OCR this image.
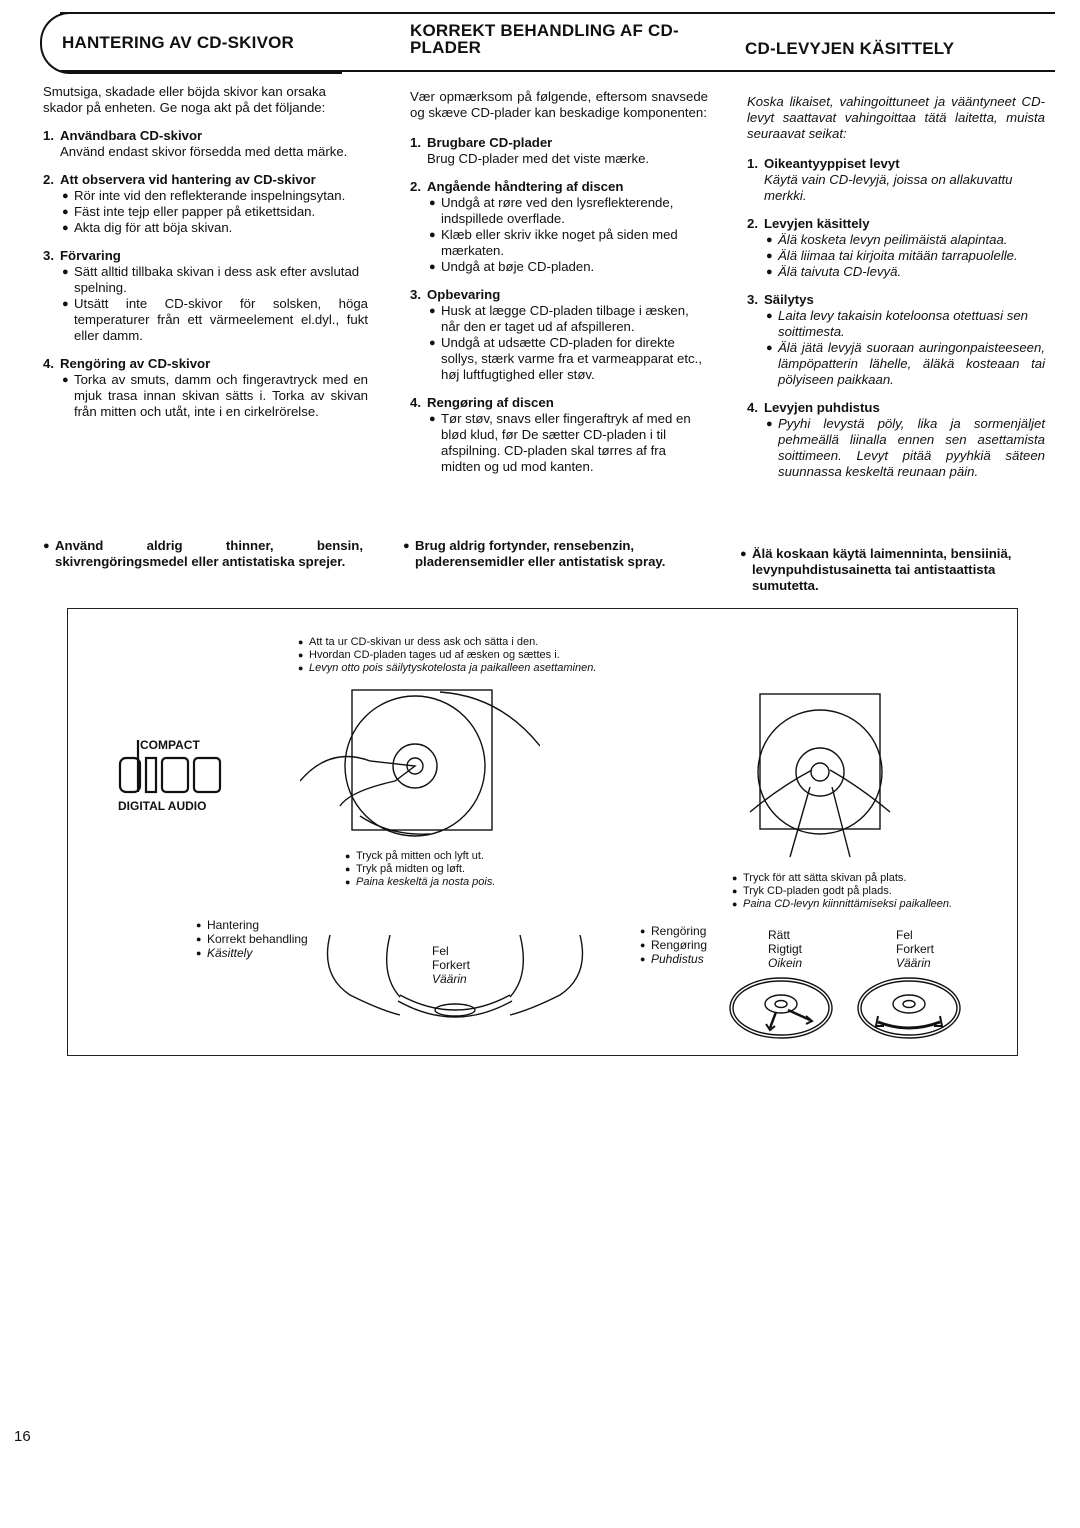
HANTERING AV CD-SKIVOR
KORREKT BEHANDLING AF CD-PLADER	CD-LEVYJEN KÄSITTELY

Smutsiga, skadade eller böjda skivor kan orsaka skador på enheten. Ge noga akt på det följande:

1. Användbara CD-skivor
Använd endast skivor försedda med detta märke.
2. Att observera vid hantering av CD-skivor
● Rör inte vid den reflekterande inspelningsytan.
● Fäst inte tejp eller papper på etikettsidan.
● Akta dig för att böja skivan.
3. Förvaring
● Sätt alltid tillbaka skivan i dess ask efter avslutad spelning.
● Utsätt inte CD-skivor för solsken, höga temperaturer från ett värmeelement el.dyl., fukt eller damm.
4. Rengöring av CD-skivor
● Torka av smuts, damm och fingeravtryck med en mjuk trasa innan skivan sätts i. Torka av skivan från mitten och utåt, inte i en cirkelrörelse.
● Använd aldrig thinner, bensin, skivrengöringsmedel eller antistatiska sprejer.

Vær opmærksom på følgende, eftersom snavsede og skæve CD-plader kan beskadige komponenten:

1. Brugbare CD-plader
Brug CD-plader med det viste mærke.
2. Angående håndtering af discen
● Undgå at røre ved den lysreflekterende, indspillede overflade.
● Klæb eller skriv ikke noget på siden med mærkaten.
● Undgå at bøje CD-pladen.
3. Opbevaring
● Husk at lægge CD-pladen tilbage i æsken, når den er taget ud af afspilleren.
● Undgå at udsætte CD-pladen for direkte sollys, stærk varme fra et varmeapparat etc., høj luftfugtighed eller støv.
4. Rengøring af discen
● Tør støv, snavs eller fingeraftryk af med en blød klud, før De sætter CD-pladen i til afspilning. CD-pladen skal tørres af fra midten og ud mod kanten.
● Brug aldrig fortynder, rensebenzin, pladerensemidler eller antistatisk spray.

Koska likaiset, vahingoittuneet ja vääntyneet CD-levyt saattavat vahingoittaa tätä laitetta, muista seuraavat seikat:

1. Oikeantyyppiset levyt
Käytä vain CD-levyjä, joissa on allakuvattu merkki.
2. Levyjen käsittely
● Älä kosketa levyn peilimäistä alapintaa.
● Älä liimaa tai kirjoita mitään tarrapuolelle.
● Älä taivuta CD-levyä.
3. Säilytys
● Laita levy takaisin koteloonsa otettuasi sen soittimesta.
● Älä jätä levyjä suoraan auringonpaisteeseen, lämpöpatterin lähelle, äläkä kosteaan tai pölyiseen paikkaan.
4. Levyjen puhdistus
● Pyyhi levystä pöly, lika ja sormenjäljet pehmeällä liinalla ennen sen asettamista soittimeen. Levyt pitää pyyhkiä säteen suunnassa keskeltä reunaan päin.
● Älä koskaan käytä laimenninta, bensiiniä, levynpuhdistusainetta tai antistaattista sumutetta.
● Att ta ur CD-skivan ur dess ask och sätta i den.
● Hvordan CD-pladen tages ud af æsken og sættes i.
● Levyn otto pois säilytyskotelosta ja paikalleen asettaminen.
COMPACT
DIGITAL AUDIO
● Tryck på mitten och lyft ut.
● Tryk på midten og løft.
● Paina keskeltä ja nosta pois.	● Tryck för att sätta skivan på plats.
● Tryk CD-pladen godt på plads.
● Paina CD-levyn kiinnittämiseksi paikalleen.
● Hantering
● Korrekt behandling
● Käsittely	Fel
Forkert
Väärin
● Rengöring
● Rengøring
● Puhdistus
Rätt
Rigtigt
Oikein
Fel
Forkert
Väärin
16
